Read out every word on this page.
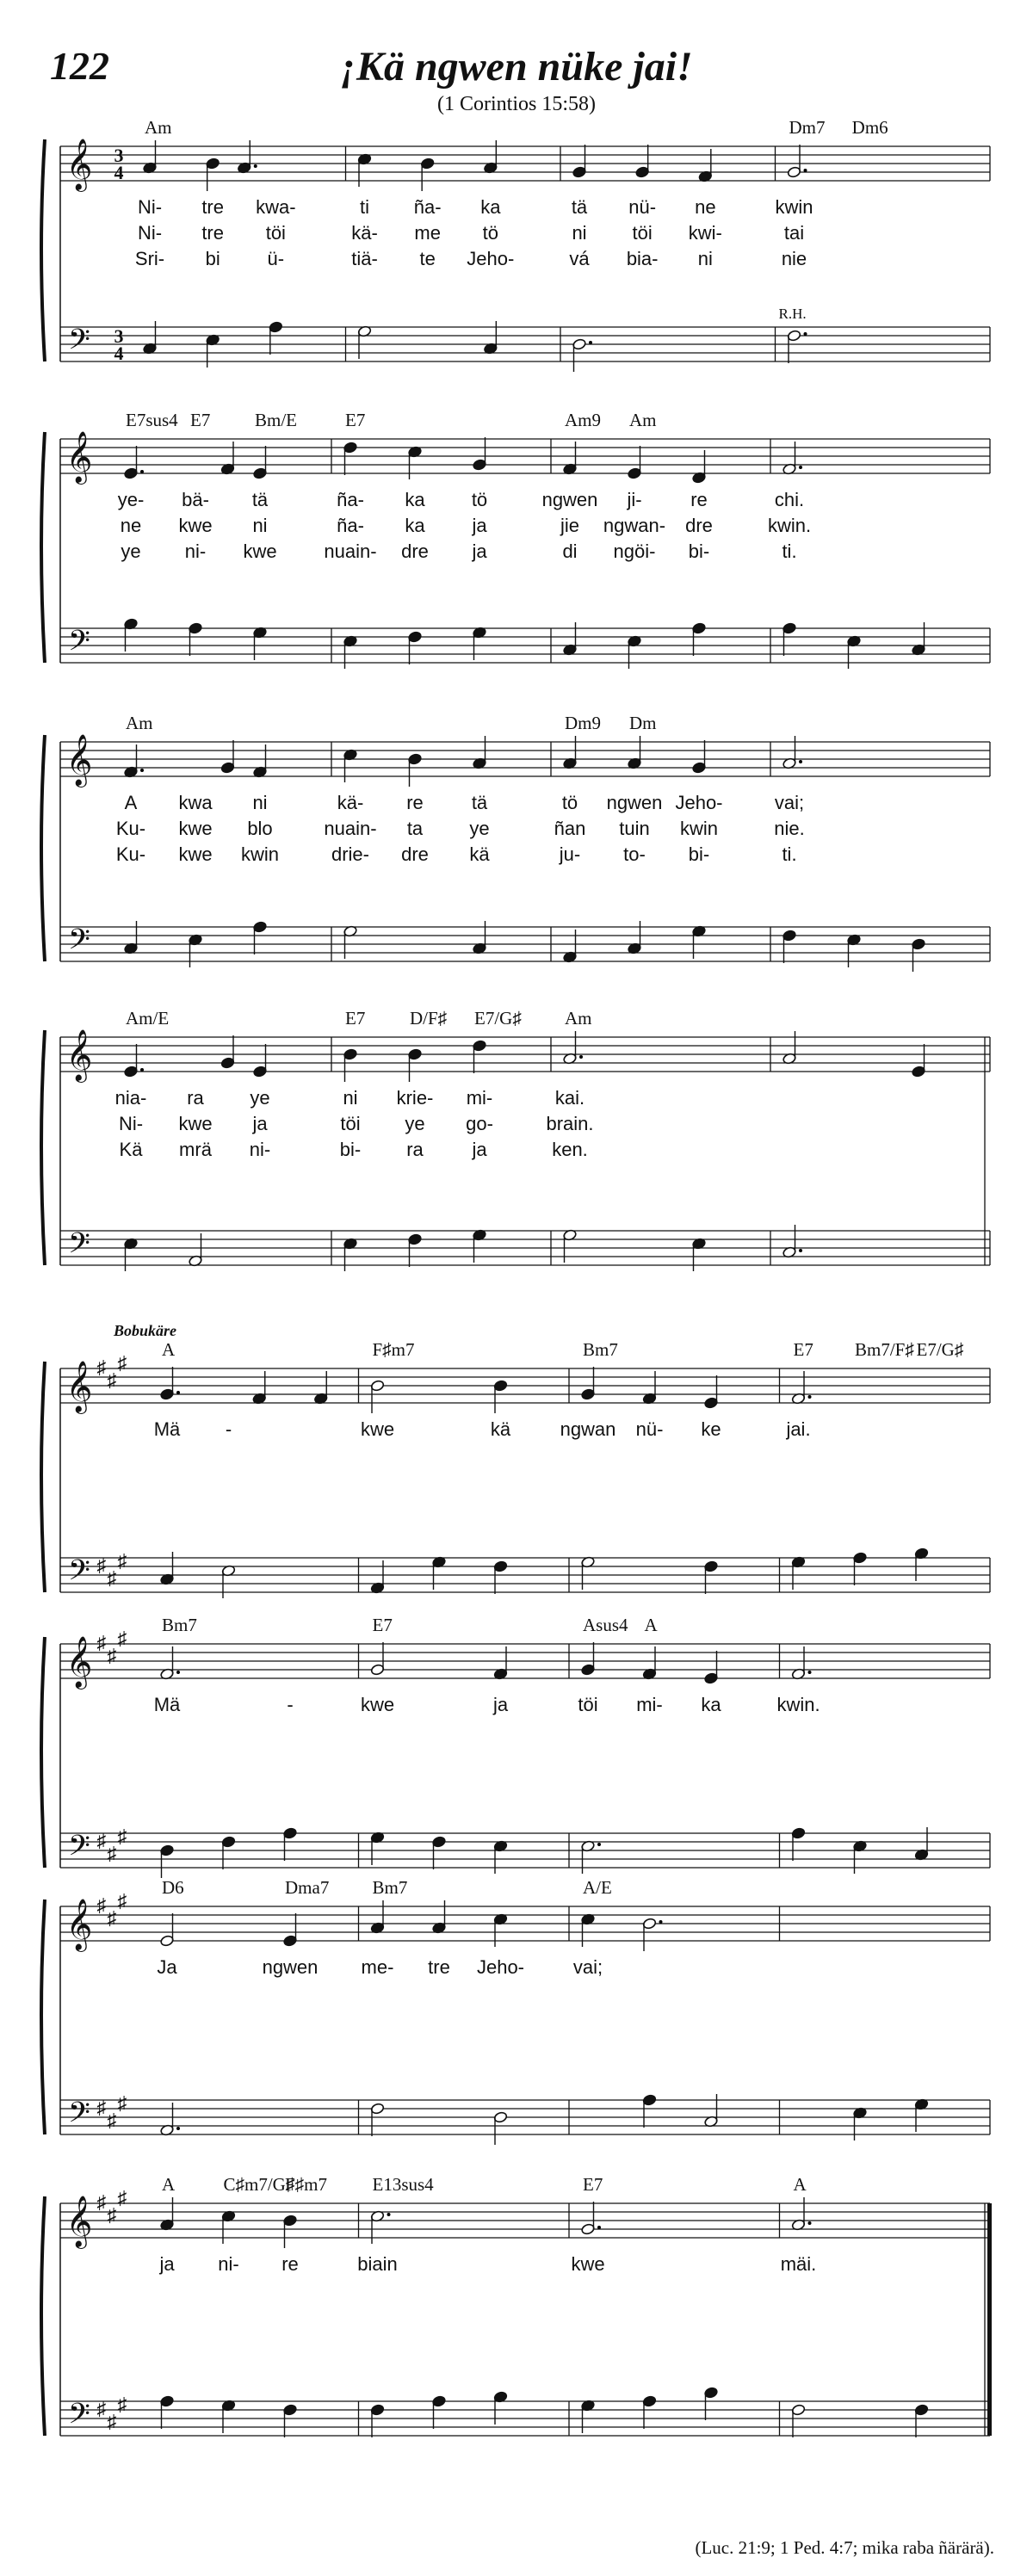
122	¡Kä ngwen nüke jai!
(1 Corintios 15:58)
Am	Dm7 Dm6
Ni- tre kwa-	ti ña- ka	tä nü- ne	kwin
Ni- tre töi	kä- me tö	ni töi kwi-	tai
Sri- bi ü-	tiä- te Jeho-	vá bia- ni	nie
R.H.
𝄞
𝄢
3
4
3
4
E7sus4 E7 Bm/E	E7	Am9 Am
ye- bä- tä	ña- ka tö	ngwen ji-	re	chi.
ne kwe ni	ña- ka ja	jie ngwan- dre	kwin.
ye ni- kwe nuain- dre ja	di ngöi- bi-	ti.
𝄞
𝄢
Am	Dm9 Dm
A kwa ni	kä- re	tä	tö ngwen Jeho-	vai;
Ku- kwe blo	nuain- ta ye	ñan tuin kwin	nie.
Ku- kwe kwin	drie- dre kä	ju- to- bi-	ti.
𝄞
𝄢
Am/E	E7 D/F♯ E7/G♯ Am
nia- ra ye	ni krie- mi-	kai.
Ni- kwe ja	töi ye go-	brain.
Kä mrä ni-	bi- ra	ja	ken.
𝄞
𝄢
A	F♯m7	Bm7	E7 Bm7/F♯ E7/G♯
Mä -	kwe	kä	ngwan nü- ke	jai.
Bobukäre
𝄞
𝄢
♯
♯
♯
♯
♯
♯
Bm7	E7	Asus4 A
Mä	-	kwe	ja	töi mi- ka	kwin.
𝄞
𝄢
♯
♯
♯
♯
♯
♯
D6	Dma7 Bm7	A/E
Ja	ngwen me- tre Jeho-	vai;
𝄞
𝄢
♯
♯
♯
♯
♯
♯
A	C♯m7/G♯
F♯m7 E13sus4	E7	A
ja ni- re	biain	kwe	mäi.
𝄞
𝄢
♯
♯
♯
♯
♯
♯
(Luc. 21:9; 1 Ped. 4:7; mika raba ñärärä).
